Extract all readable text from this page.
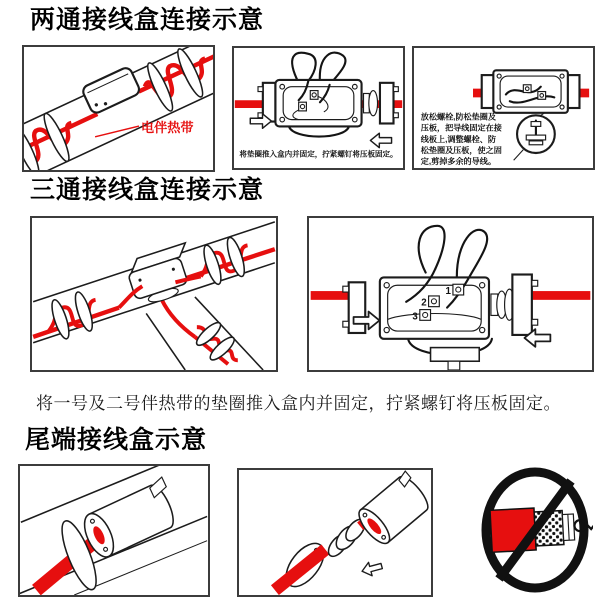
两通接线盒连接示意
电伴热带
将垫圈推入盒内并固定，拧紧螺钉将压板固定。
放松螺栓,防松垫圈及
压板，把导线固定在接
线板上,调整螺栓、防
松垫圈及压板，使之固
定,剪掉多余的导线。
三通接线盒连接示意
1
2
3
将一号及二号伴热带的垫圈推入盒内并固定，拧紧螺钉将压板固定。
尾端接线盒示意
